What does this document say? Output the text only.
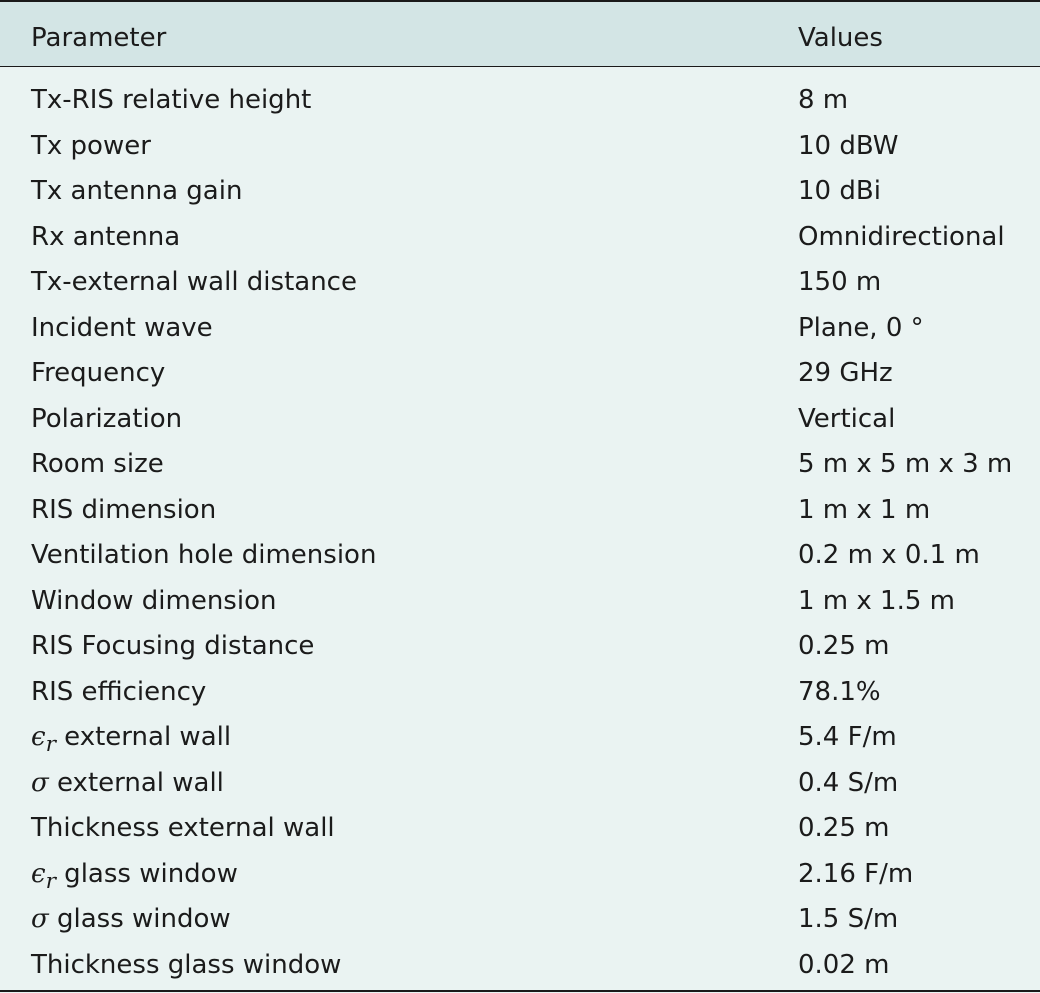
Parameter	Values
Tx-RIS relative height	8 m
Tx power	10 dBW
Tx antenna gain	10 dBi
Rx antenna	Omnidirectional
Tx-external wall distance	150 m
Incident wave	Plane, 0 °
Frequency	29 GHz
Polarization	Vertical
Room size	5 m x 5 m x 3 m
RIS dimension	1 m x 1 m
Ventilation hole dimension	0.2 m x 0.1 m
Window dimension	1 m x 1.5 m
RIS Focusing distance	0.25 m
RIS efficiency	78.1%
$\epsilon_r$ external wall	5.4 F/m
σ external wall	0.4 S/m
Thickness external wall	0.25 m
$\epsilon_r$ glass window	2.16 F/m
σ glass window	1.5 S/m
Thickness glass window	0.02 m
